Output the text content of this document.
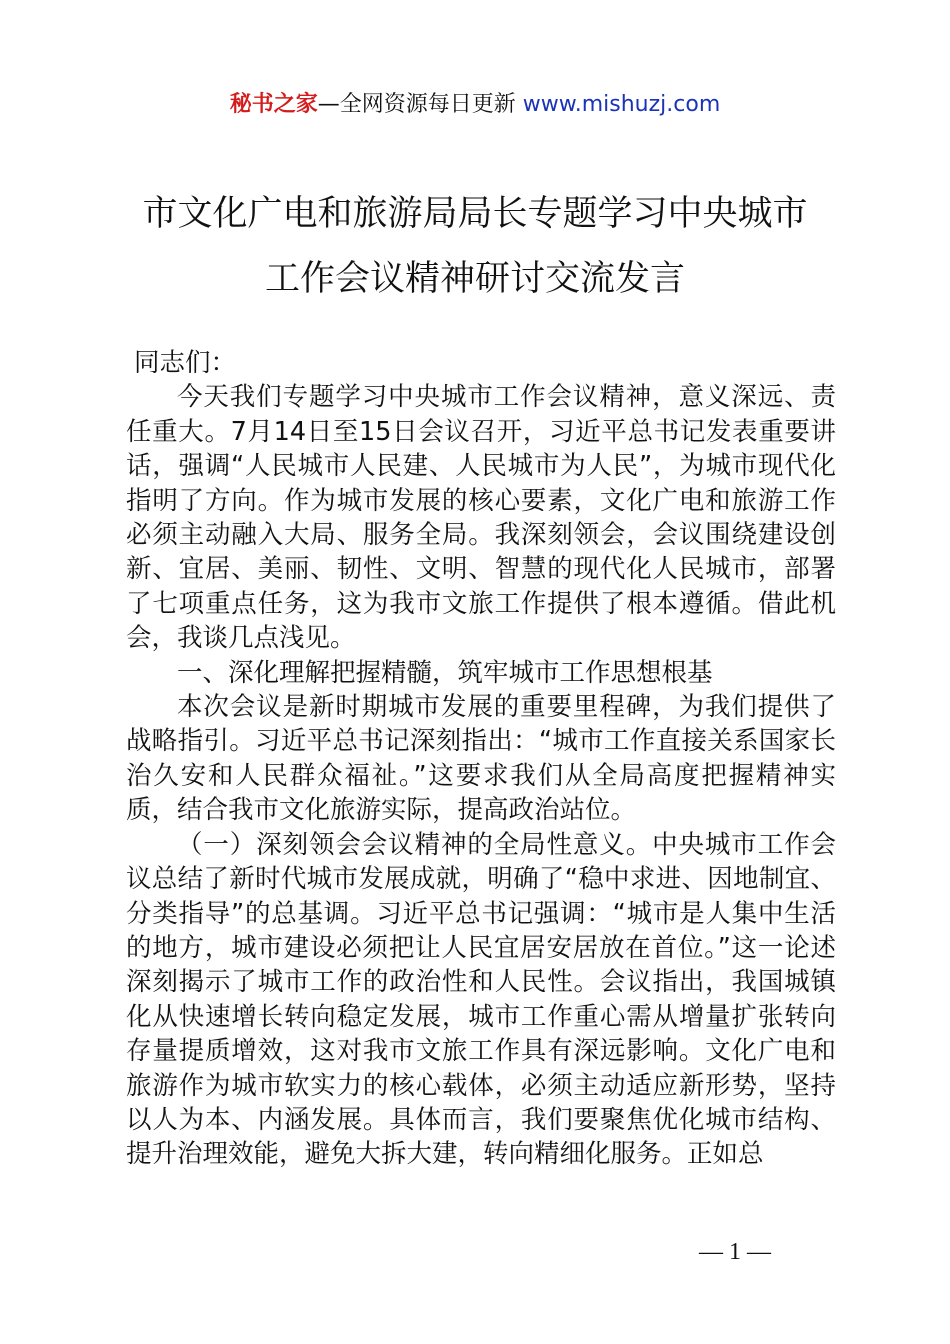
秘书之家—全网资源每日更新 www.mishuzj.com
市文化广电和旅游局局长专题学习中央城市
工作会议精神研讨交流发言

同志们：

今天我们专题学习中央城市工作会议精神，意义深远、责任重大。7月14日至15日会议召开，习近平总书记发表重要讲话，强调“人民城市人民建、人民城市为人民”，为城市现代化指明了方向。作为城市发展的核心要素，文化广电和旅游工作必须主动融入大局、服务全局。我深刻领会，会议围绕建设创新、宜居、美丽、韧性、文明、智慧的现代化人民城市，部署了七项重点任务，这为我市文旅工作提供了根本遵循。借此机会，我谈几点浅见。

一、深化理解把握精髓，筑牢城市工作思想根基

本次会议是新时期城市发展的重要里程碑，为我们提供了战略指引。习近平总书记深刻指出：“城市工作直接关系国家长治久安和人民群众福祉。”这要求我们从全局高度把握精神实质，结合我市文化旅游实际，提高政治站位。

（一）深刻领会会议精神的全局性意义。中央城市工作会议总结了新时代城市发展成就，明确了“稳中求进、因地制宜、分类指导”的总基调。习近平总书记强调：“城市是人集中生活的地方，城市建设必须把让人民宜居安居放在首位。”这一论述深刻揭示了城市工作的政治性和人民性。会议指出，我国城镇化从快速增长转向稳定发展，城市工作重心需从增量扩张转向存量提质增效，这对我市文旅工作具有深远影响。文化广电和旅游作为城市软实力的核心载体，必须主动适应新形势，坚持以人为本、内涵发展。具体而言，我们要聚焦优化城市结构、提升治理效能，避免大拆大建，转向精细化服务。正如总

— 1 —
